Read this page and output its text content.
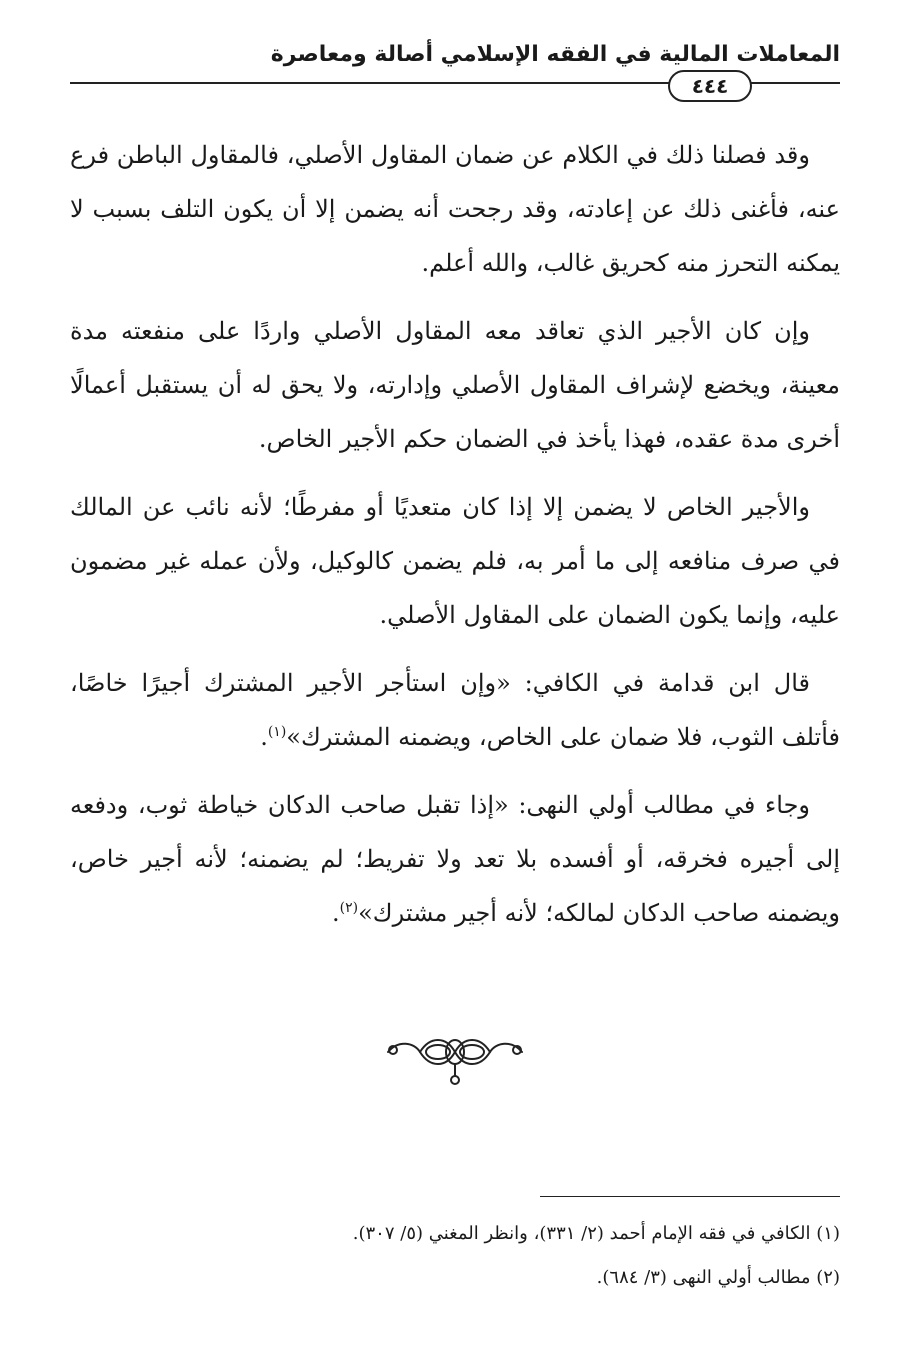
المعاملات المالية في الفقه الإسلامي أصالة ومعاصرة
٤٤٤

وقد فصلنا ذلك في الكلام عن ضمان المقاول الأصلي، فالمقاول الباطن فرع عنه، فأغنى ذلك عن إعادته، وقد رجحت أنه يضمن إلا أن يكون التلف بسبب لا يمكنه التحرز منه كحريق غالب، والله أعلم.

وإن كان الأجير الذي تعاقد معه المقاول الأصلي واردًا على منفعته مدة معينة، ويخضع لإشراف المقاول الأصلي وإدارته، ولا يحق له أن يستقبل أعمالًا أخرى مدة عقده، فهذا يأخذ في الضمان حكم الأجير الخاص.

والأجير الخاص لا يضمن إلا إذا كان متعديًا أو مفرطًا؛ لأنه نائب عن المالك في صرف منافعه إلى ما أمر به، فلم يضمن كالوكيل، ولأن عمله غير مضمون عليه، وإنما يكون الضمان على المقاول الأصلي.

قال ابن قدامة في الكافي: «وإن استأجر الأجير المشترك أجيرًا خاصًا، فأتلف الثوب، فلا ضمان على الخاص، ويضمنه المشترك»$^{(١)}$.

وجاء في مطالب أولي النهى: «إذا تقبل صاحب الدكان خياطة ثوب، ودفعه إلى أجيره فخرقه، أو أفسده بلا تعد ولا تفريط؛ لم يضمنه؛ لأنه أجير خاص، ويضمنه صاحب الدكان لمالكه؛ لأنه أجير مشترك»$^{(٢)}$.

(١) الكافي في فقه الإمام أحمد (٢/ ٣٣١)، وانظر المغني (٥/ ٣٠٧).

(٢) مطالب أولي النهى (٣/ ٦٨٤).
